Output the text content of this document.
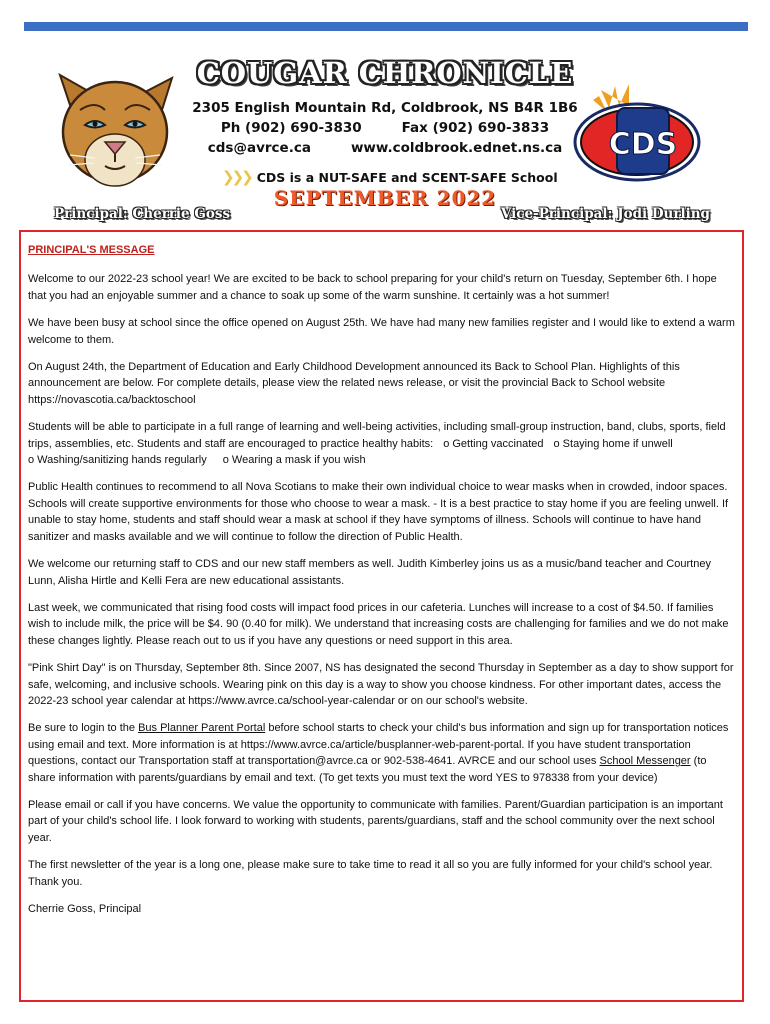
CDS
COUGAR CHRONICLE
2305 English Mountain Rd, Coldbrook, NS B4R 1B6
Ph (902) 690-3830	Fax (902) 690-3833
cds@avrce.ca	www.coldbrook.ednet.ns.ca
❯❯❯ CDS is a NUT-SAFE and SCENT-SAFE School
SEPTEMBER 2022
Principal: Cherrie Goss	Vice-Principal: Jodi Durling

PRINCIPAL'S MESSAGE

Welcome to our 2022-23 school year! We are excited to be back to school preparing for your child's return on Tuesday, September 6th. I hope that you had an enjoyable summer and a chance to soak up some of the warm sunshine. It certainly was a hot summer!

We have been busy at school since the office opened on August 25th. We have had many new families register and I would like to extend a warm welcome to them.

On August 24th, the Department of Education and Early Childhood Development announced its Back to School Plan. Highlights of this announcement are below. For complete details, please view the related news release, or visit the provincial Back to School website https://novascotia.ca/backtoschool

Students will be able to participate in a full range of learning and well-being activities, including small-group instruction, band, clubs, sports, field trips, assemblies, etc. Students and staff are encouraged to practice healthy habits: o Getting vaccinated o Staying home if unwell
o Washing/sanitizing hands regularly o Wearing a mask if you wish

Public Health continues to recommend to all Nova Scotians to make their own individual choice to wear masks when in crowded, indoor spaces. Schools will create supportive environments for those who choose to wear a mask. - It is a best practice to stay home if you are feeling unwell. If unable to stay home, students and staff should wear a mask at school if they have symptoms of illness. Schools will continue to have hand sanitizer and masks available and we will continue to follow the direction of Public Health.

We welcome our returning staff to CDS and our new staff members as well. Judith Kimberley joins us as a music/band teacher and Courtney Lunn, Alisha Hirtle and Kelli Fera are new educational assistants.

Last week, we communicated that rising food costs will impact food prices in our cafeteria. Lunches will increase to a cost of $4.50. If families wish to include milk, the price will be $4. 90 (0.40 for milk). We understand that increasing costs are challenging for families and we do not make these changes lightly. Please reach out to us if you have any questions or need support in this area.

"Pink Shirt Day" is on Thursday, September 8th. Since 2007, NS has designated the second Thursday in September as a day to show support for safe, welcoming, and inclusive schools. Wearing pink on this day is a way to show you choose kindness. For other important dates, access the 2022-23 school year calendar at https://www.avrce.ca/school-year-calendar or on our school's website.

Be sure to login to the Bus Planner Parent Portal before school starts to check your child's bus information and sign up for transportation notices using email and text. More information is at https://www.avrce.ca/article/busplanner-web-parent-portal. If you have student transportation questions, contact our Transportation staff at transportation@avrce.ca or 902-538-4641. AVRCE and our school uses School Messenger (to share information with parents/guardians by email and text. (To get texts you must text the word YES to 978338 from your device)

Please email or call if you have concerns. We value the opportunity to communicate with families. Parent/Guardian participation is an important part of your child's school life. I look forward to working with students, parents/guardians, staff and the school community over the next school year.

The first newsletter of the year is a long one, please make sure to take time to read it all so you are fully informed for your child's school year. Thank you.

Cherrie Goss, Principal
